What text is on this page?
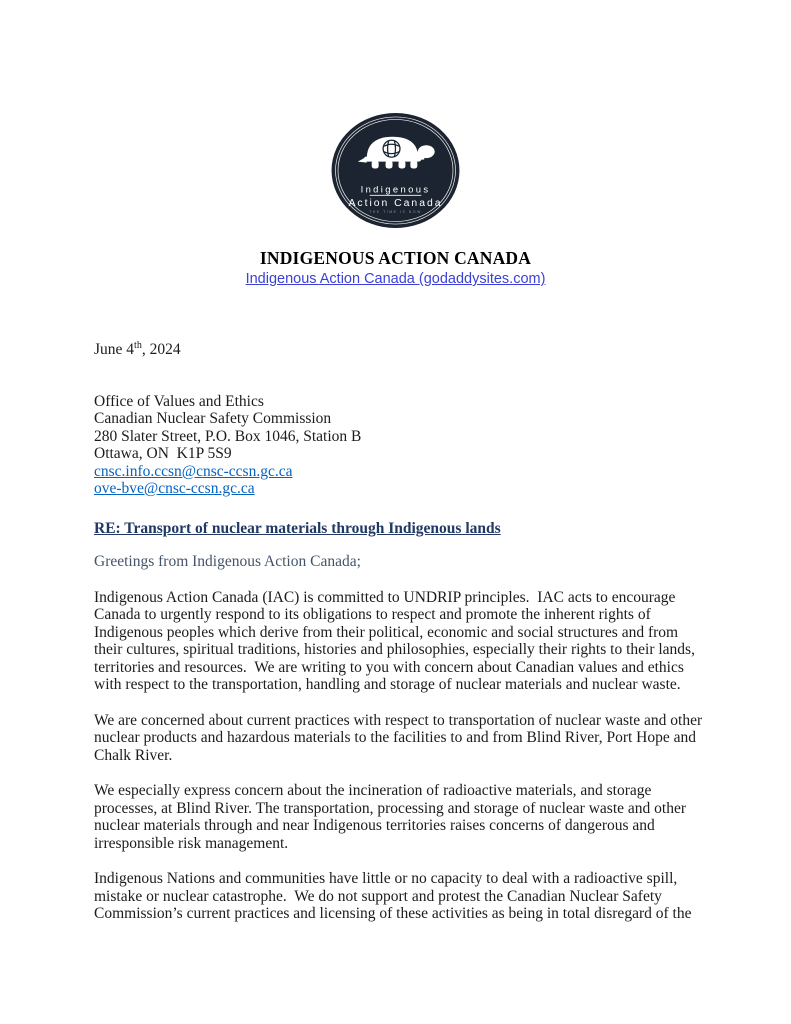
Indigenous
Action Canada
THE TIME IS NOW
INDIGENOUS ACTION CANADA
Indigenous Action Canada (godaddysites.com)
June 4th, 2024
Office of Values and Ethics
Canadian Nuclear Safety Commission
280 Slater Street, P.O. Box 1046, Station B
Ottawa, ON  K1P 5S9
cnsc.info.ccsn@cnsc-ccsn.gc.ca
ove-bve@cnsc-ccsn.gc.ca
RE: Transport of nuclear materials through Indigenous lands
Greetings from Indigenous Action Canada;

Indigenous Action Canada (IAC) is committed to UNDRIP principles.  IAC acts to encourage Canada to urgently respond to its obligations to respect and promote the inherent rights of Indigenous peoples which derive from their political, economic and social structures and from their cultures, spiritual traditions, histories and philosophies, especially their rights to their lands, territories and resources.  We are writing to you with concern about Canadian values and ethics with respect to the transportation, handling and storage of nuclear materials and nuclear waste.

We are concerned about current practices with respect to transportation of nuclear waste and other nuclear products and hazardous materials to the facilities to and from Blind River, Port Hope and Chalk River.

We especially express concern about the incineration of radioactive materials, and storage processes, at Blind River. The transportation, processing and storage of nuclear waste and other nuclear materials through and near Indigenous territories raises concerns of dangerous and irresponsible risk management.

Indigenous Nations and communities have little or no capacity to deal with a radioactive spill, mistake or nuclear catastrophe.  We do not support and protest the Canadian Nuclear Safety Commission’s current practices and licensing of these activities as being in total disregard of the
